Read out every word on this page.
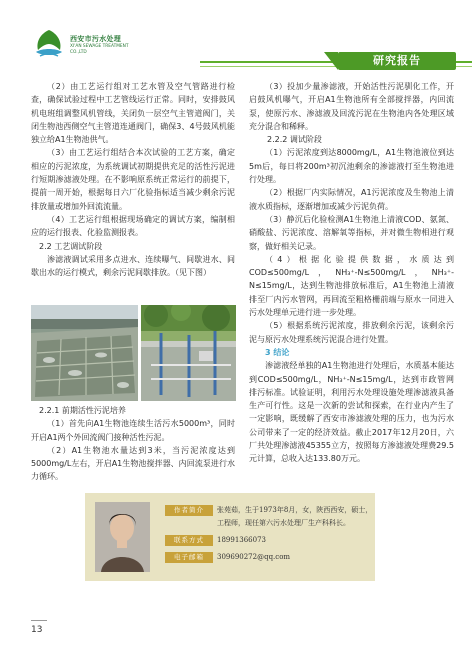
西安市污水处理
XI'AN SEWAGE TREATMENT CO.,LTD
研究报告
（2）由工艺运行组对工艺水管及空气管路进行检查，确保试验过程中工艺管线运行正常。同时，安排鼓风机电班组调整风机管线，关闭负一层空气主管道阀门，关闭生物池西侧空气主管道连通阀门，确保3、4号鼓风机能独立给A1生物池供气。
（3）由工艺运行组结合本次试验的工艺方案，确定相应的污泥浓度，为系统调试初期提供充足的活性污泥进行短期渗滤液处理。在不影响原系统正常运行的前提下，提前一周开始，根据每日六厂化验指标适当减少剩余污泥排放量或增加外回流流量。
（4）工艺运行组根据现场确定的调试方案，编制相应的运行报表、化验监测报表。
2.2 工艺调试阶段
渗滤液调试采用多点进水、连续曝气、间歇进水、间歇出水的运行模式，剩余污泥间歇排放。（见下图）
2.2.1 前期活性污泥培养
（1）首先向A1生物池连续生活污水5000m³，同时开启A1两个外回流阀门接种活性污泥。
（2）A1生物池水量达到3米，当污泥浓度达到5000mg/L左右，开启A1生物池搅拌器、内回流泵进行水力循环。
（3）投加少量渗滤液，开始活性污泥驯化工作，开启鼓风机曝气，开启A1生物池所有全部搅拌器，内回流泵，使原污水、渗滤液及回流污泥在生物池内各处理区域充分混合和稀释。
2.2.2 调试阶段
（1）污泥浓度到达8000mg/L，A1生物池液位到达5m后，每日将200m³初沉池剩余的渗滤液打至生物池进行处理。
（2）根据厂内实际情况，A1污泥浓度及生物池上清液水质指标，逐渐增加或减少污泥负荷。
（3）静沉后化验检测A1生物池上清液COD、氨氮、硝酸盐、污泥浓度、溶解氧等指标，并对微生物相进行观察，做好相关记录。
（4）根据化验提供数据，水质达到COD≤500mg/L，NH₃⁺-N≤500mg/L，NH₃⁺-N≤15mg/L，达到生物池排放标准后，A1生物池上清液排至厂内污水管网，再回流至粗格栅前端与原水一同进入污水处理单元进行进一步处理。
（5）根据系统污泥浓度，排放剩余污泥，该剩余污泥与原污水处理系统污泥混合进行处置。
3 结论
渗滤液经单独的A1生物池进行处理后，水质基本能达到COD≤500mg/L，NH₃⁺-N≤15mg/L，达到市政管网排污标准。试验证明，利用污水处理设施处理渗滤液具备生产可行性。这是一次新的尝试和探索，在行业内产生了一定影响，既缓解了西安市渗滤液处理的压力，也为污水公司带来了一定的经济效益。截止2017年12月20日，六厂共处理渗滤液45355立方，按照每方渗滤液处理费29.5元计算，总收入达133.80万元。
作者简介	张苑茹，生于1973年8月，女，陕西西安，硕士，
工程师，现任第六污水处理厂生产科科长。
联系方式	18991366073
电子邮箱	309690272@qq.com
13
